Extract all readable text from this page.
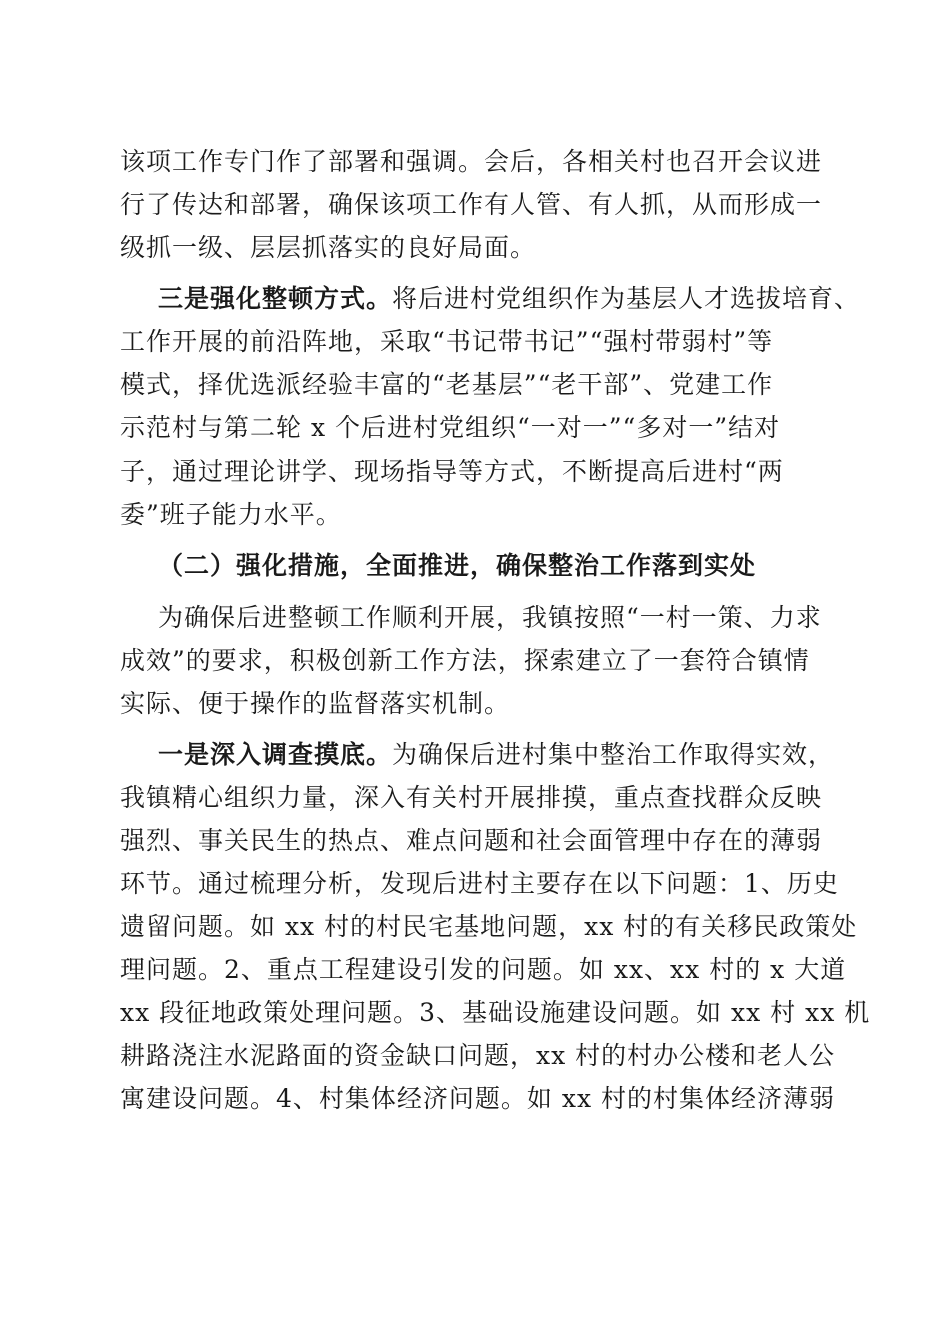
该项工作专门作了部署和强调。会后，各相关村也召开会议进
行了传达和部署，确保该项工作有人管、有人抓，从而形成一
级抓一级、层层抓落实的良好局面。
三是强化整顿方式。将后进村党组织作为基层人才选拔培育、
工作开展的前沿阵地，采取“书记带书记”“强村带弱村”等
模式，择优选派经验丰富的“老基层”“老干部”、党建工作
示范村与第二轮 x 个后进村党组织“一对一”“多对一”结对
子，通过理论讲学、现场指导等方式，不断提高后进村“两
委”班子能力水平。
（二）强化措施，全面推进，确保整治工作落到实处
为确保后进整顿工作顺利开展，我镇按照“一村一策、力求
成效”的要求，积极创新工作方法，探索建立了一套符合镇情
实际、便于操作的监督落实机制。
一是深入调查摸底。为确保后进村集中整治工作取得实效，
我镇精心组织力量，深入有关村开展排摸，重点查找群众反映
强烈、事关民生的热点、难点问题和社会面管理中存在的薄弱
环节。通过梳理分析，发现后进村主要存在以下问题：1、历史
遗留问题。如 xx 村的村民宅基地问题，xx 村的有关移民政策处
理问题。2、重点工程建设引发的问题。如 xx、xx 村的 x 大道
xx 段征地政策处理问题。3、基础设施建设问题。如 xx 村 xx 机
耕路浇注水泥路面的资金缺口问题，xx 村的村办公楼和老人公
寓建设问题。4、村集体经济问题。如 xx 村的村集体经济薄弱
